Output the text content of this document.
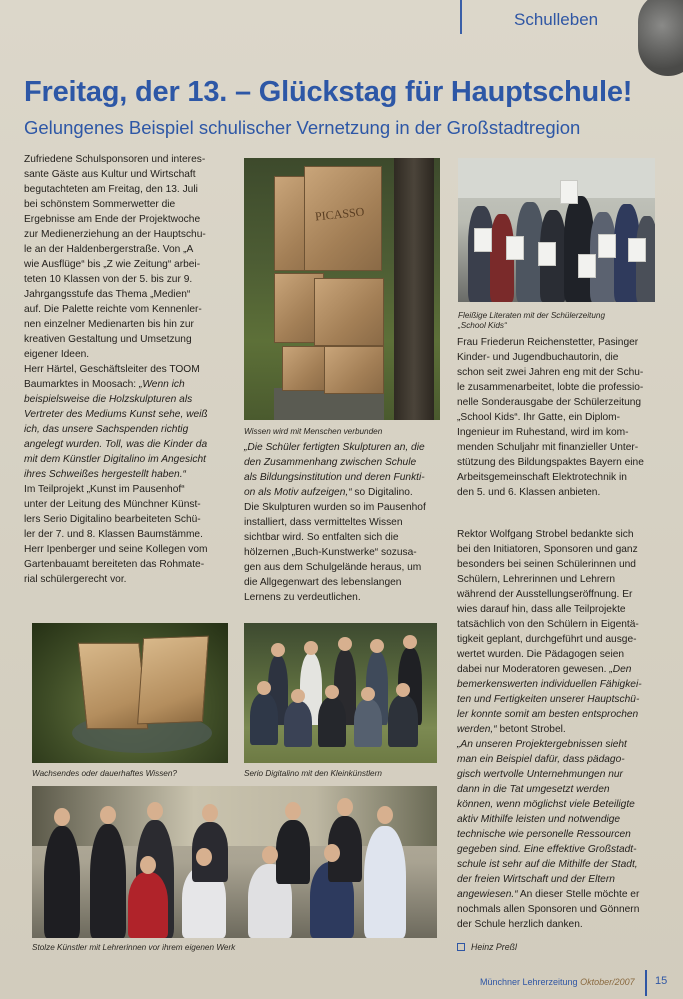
Schulleben
Freitag, der 13. – Glückstag für Hauptschule!
Gelungenes Beispiel schulischer Vernetzung in der Großstadtregion

Zufriedene Schulsponsoren und interes-
sante Gäste aus Kultur und Wirtschaft
begutachteten am Freitag, den 13. Juli
bei schönstem Sommerwetter die
Ergebnisse am Ende der Projektwoche
zur Medienerziehung an der Hauptschu-
le an der Haldenbergerstraße. Von „A
wie Ausflüge“ bis „Z wie Zeitung“ arbei-
teten 10 Klassen von der 5. bis zur 9.
Jahrgangsstufe das Thema „Medien“
auf. Die Palette reichte vom Kennenler-
nen einzelner Medienarten bis hin zur
kreativen Gestaltung und Umsetzung
eigener Ideen.

Herr Härtel, Geschäftsleiter des TOOM
Baumarktes in Moosach: „Wenn ich
beispielsweise die Holzskulpturen als
Vertreter des Mediums Kunst sehe, weiß
ich, das unsere Sachspenden richtig
angelegt wurden. Toll, was die Kinder da
mit dem Künstler Digitalino im Angesicht
ihres Schweißes hergestellt haben.“

Im Teilprojekt „Kunst im Pausenhof“
unter der Leitung des Münchner Künst-
lers Serio Digitalino bearbeiteten Schü-
ler der 7. und 8. Klassen Baumstämme.
Herr Ipenberger und seine Kollegen vom
Gartenbauamt bereiteten das Rohmate-
rial schülergerecht vor.

PICASSO
Wissen wird mit Menschen verbunden

„Die Schüler fertigten Skulpturen an, die
den Zusammenhang zwischen Schule
als Bildungsinstitution und deren Funkti-
on als Motiv aufzeigen,“ so Digitalino.

Die Skulpturen wurden so im Pausenhof
installiert, dass vermitteltes Wissen
sichtbar wird. So entfalten sich die
hölzernen „Buch-Kunstwerke“ sozusa-
gen aus dem Schulgelände heraus, um
die Allgegenwart des lebenslangen
Lernens zu verdeutlichen.

Fleißige Literaten mit der Schülerzeitung
„School Kids“

Frau Friederun Reichenstetter, Pasinger
Kinder- und Jugendbuchautorin, die
schon seit zwei Jahren eng mit der Schu-
le zusammenarbeitet, lobte die professio-
nelle Sonderausgabe der Schülerzeitung
„School Kids“. Ihr Gatte, ein Diplom-
Ingenieur im Ruhestand, wird im kom-
menden Schuljahr mit finanzieller Unter-
stützung des Bildungspaktes Bayern eine
Arbeitsgemeinschaft Elektrotechnik in
den 5. und 6. Klassen anbieten.

Rektor Wolfgang Strobel bedankte sich
bei den Initiatoren, Sponsoren und ganz
besonders bei seinen Schülerinnen und
Schülern, Lehrerinnen und Lehrern
während der Ausstellungseröffnung. Er
wies darauf hin, dass alle Teilprojekte
tatsächlich von den Schülern in Eigentä-
tigkeit geplant, durchgeführt und ausge-
wertet wurden. Die Pädagogen seien
dabei nur Moderatoren gewesen. „Den
bemerkenswerten individuellen Fähigkei-
ten und Fertigkeiten unserer Hauptschü-
ler konnte somit am besten entsprochen
werden,“ betont Strobel.

„An unseren Projektergebnissen sieht
man ein Beispiel dafür, dass pädago-
gisch wertvolle Unternehmungen nur
dann in die Tat umgesetzt werden
können, wenn möglichst viele Beteiligte
aktiv Mithilfe leisten und notwendige
technische wie personelle Ressourcen
gegeben sind. Eine effektive Großstadt-
schule ist sehr auf die Mithilfe der Stadt,
der freien Wirtschaft und der Eltern
angewiesen.“ An dieser Stelle möchte er
nochmals allen Sponsoren und Gönnern
der Schule herzlich danken.

Wachsendes oder dauerhaftes Wissen?	Serio Digitalino mit den Kleinkünstlern
Stolze Künstler mit Lehrerinnen vor ihrem eigenen Werk	Heinz Preßl
Münchner Lehrerzeitung Oktober/2007 15
